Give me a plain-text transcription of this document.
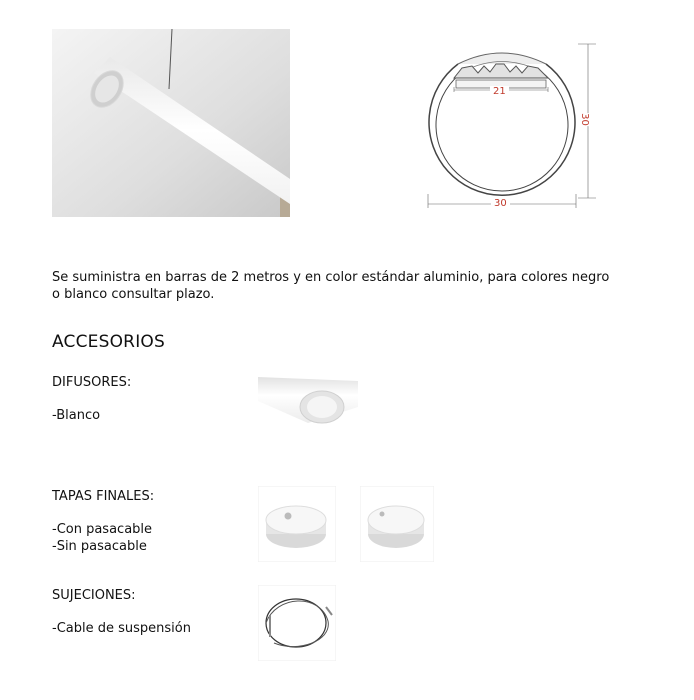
21
30
30
Se suministra en barras de 2 metros y en color estándar aluminio, para colores negro o blanco consultar plazo.
ACCESORIOS
DIFUSORES:
-Blanco
TAPAS FINALES:
-Con pasacable
-Sin pasacable
SUJECIONES:
-Cable de suspensión
